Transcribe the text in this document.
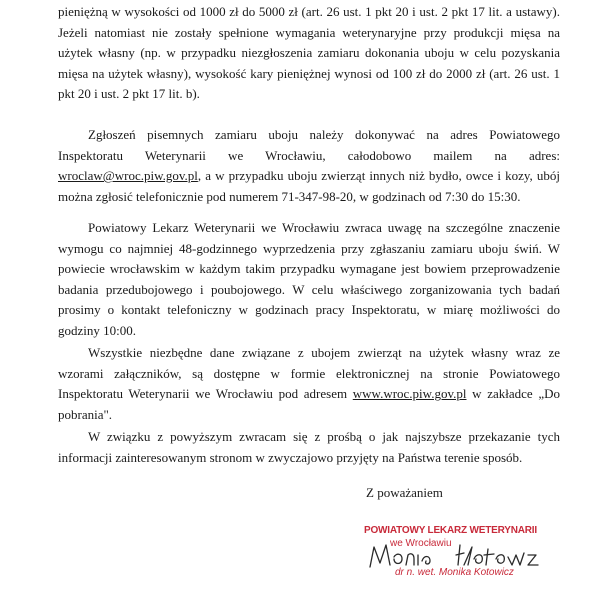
pieniężną w wysokości od 1000 zł do 5000 zł (art. 26 ust. 1 pkt 20 i ust. 2 pkt 17 lit. a ustawy). Jeżeli natomiast nie zostały spełnione wymagania weterynaryjne przy produkcji mięsa na użytek własny (np. w przypadku niezgłoszenia zamiaru dokonania uboju w celu pozyskania mięsa na użytek własny), wysokość kary pieniężnej wynosi od 100 zł do 2000 zł (art. 26 ust. 1 pkt 20 i ust. 2 pkt 17 lit. b).

Zgłoszeń pisemnych zamiaru uboju należy dokonywać na adres Powiatowego Inspektoratu Weterynarii we Wrocławiu, całodobowo mailem na adres: wroclaw@wroc.piw.gov.pl, a w przypadku uboju zwierząt innych niż bydło, owce i kozy, ubój można zgłosić telefonicznie pod numerem 71-347-98-20, w godzinach od 7:30 do 15:30.

Powiatowy Lekarz Weterynarii we Wrocławiu zwraca uwagę na szczególne znaczenie wymogu co najmniej 48-godzinnego wyprzedzenia przy zgłaszaniu zamiaru uboju świń. W powiecie wrocławskim w każdym takim przypadku wymagane jest bowiem przeprowadzenie badania przedubojowego i poubojowego. W celu właściwego zorganizowania tych badań prosimy o kontakt telefoniczny w godzinach pracy Inspektoratu, w miarę możliwości do godziny 10:00.

Wszystkie niezbędne dane związane z ubojem zwierząt na użytek własny wraz ze wzorami załączników, są dostępne w formie elektronicznej na stronie Powiatowego Inspektoratu Weterynarii we Wrocławiu pod adresem www.wroc.piw.gov.pl w zakładce „Do pobrania".

W związku z powyższym zwracam się z prośbą o jak najszybsze przekazanie tych informacji zainteresowanym stronom w zwyczajowo przyjęty na Państwa terenie sposób.

Z poważaniem
POWIATOWY LEKARZ WETERYNARII
we Wrocławiu
dr n. wet. Monika Kotowicz
